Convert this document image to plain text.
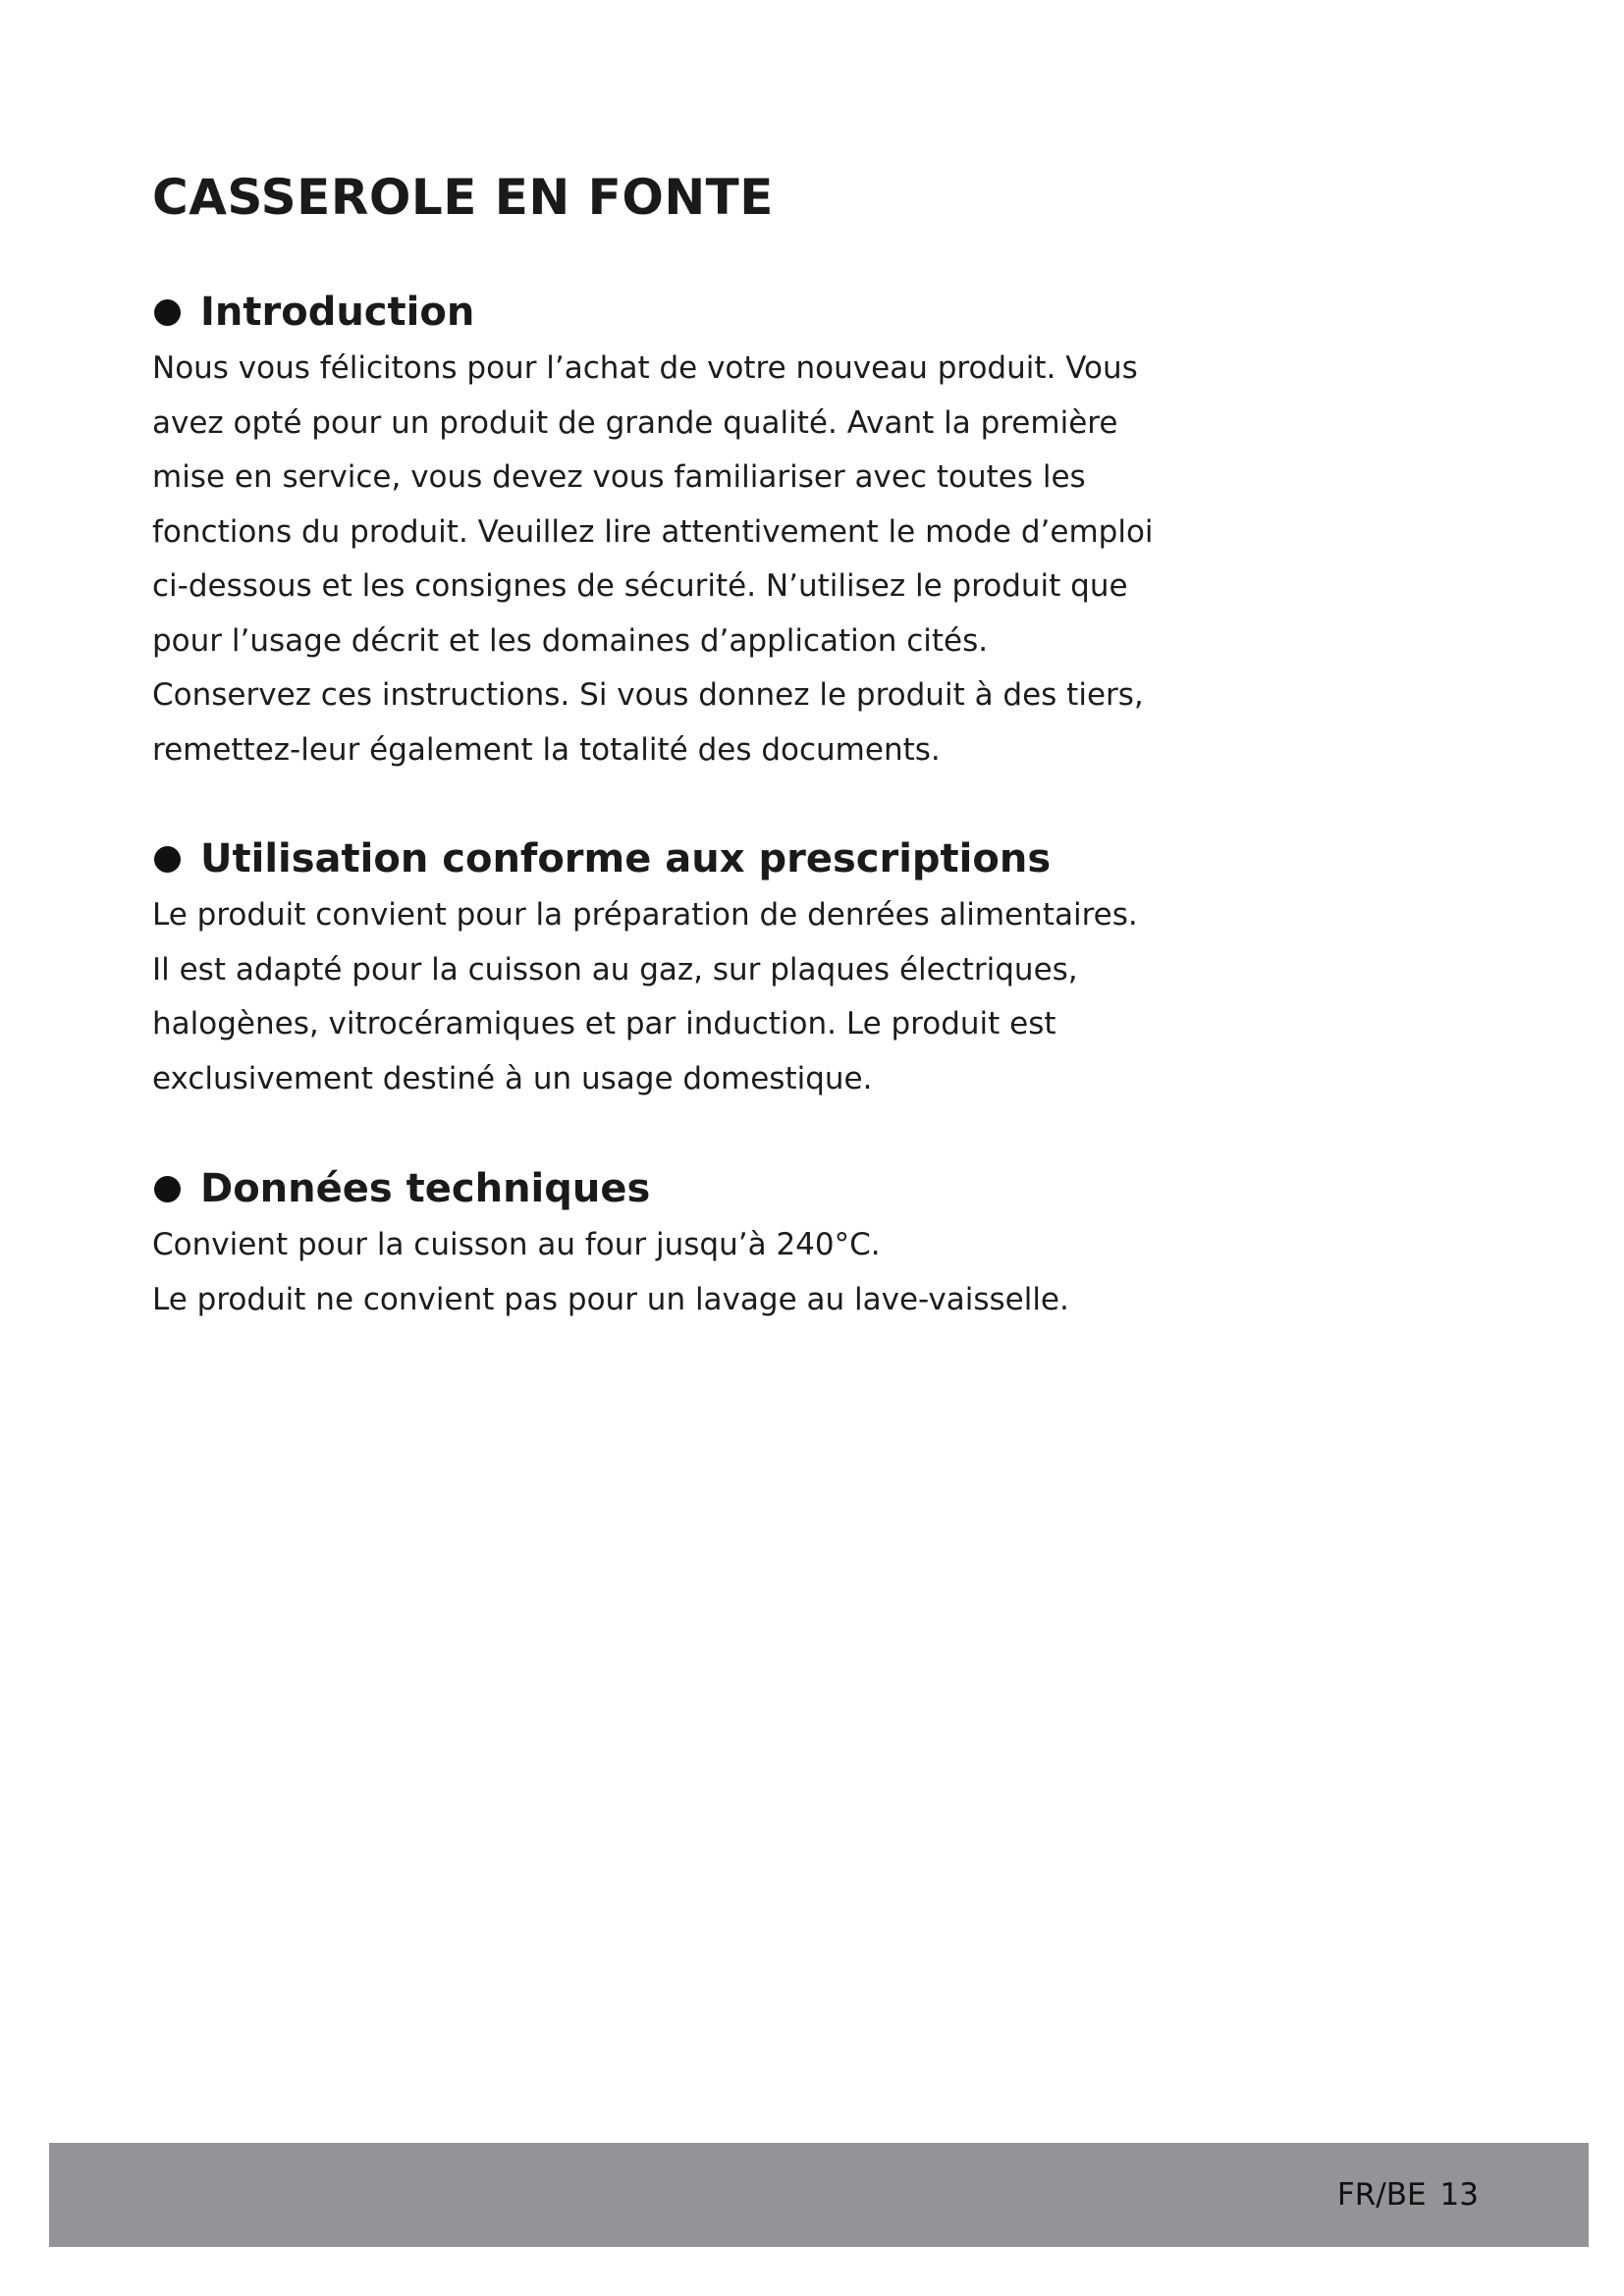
CASSEROLE EN FONTE
Introduction

Nous vous félicitons pour l’achat de votre nouveau produit. Vous avez opté pour un produit de grande qualité. Avant la première mise en service, vous devez vous familiariser avec toutes les fonctions du produit. Veuillez lire attentivement le mode d’emploi ci-dessous et les consignes de sécurité. N’utilisez le produit que pour l’usage décrit et les domaines d’application cités. Conservez ces instructions. Si vous donnez le produit à des tiers, remettez-leur également la totalité des documents.

Utilisation conforme aux prescriptions

Le produit convient pour la préparation de denrées alimentaires. Il est adapté pour la cuisson au gaz, sur plaques électriques, halogènes, vitrocéramiques et par induction. Le produit est exclusivement destiné à un usage domestique.

Données techniques

Convient pour la cuisson au four jusqu’à 240°C.

Le produit ne convient pas pour un lavage au lave-vaisselle.

FR/BE 13
